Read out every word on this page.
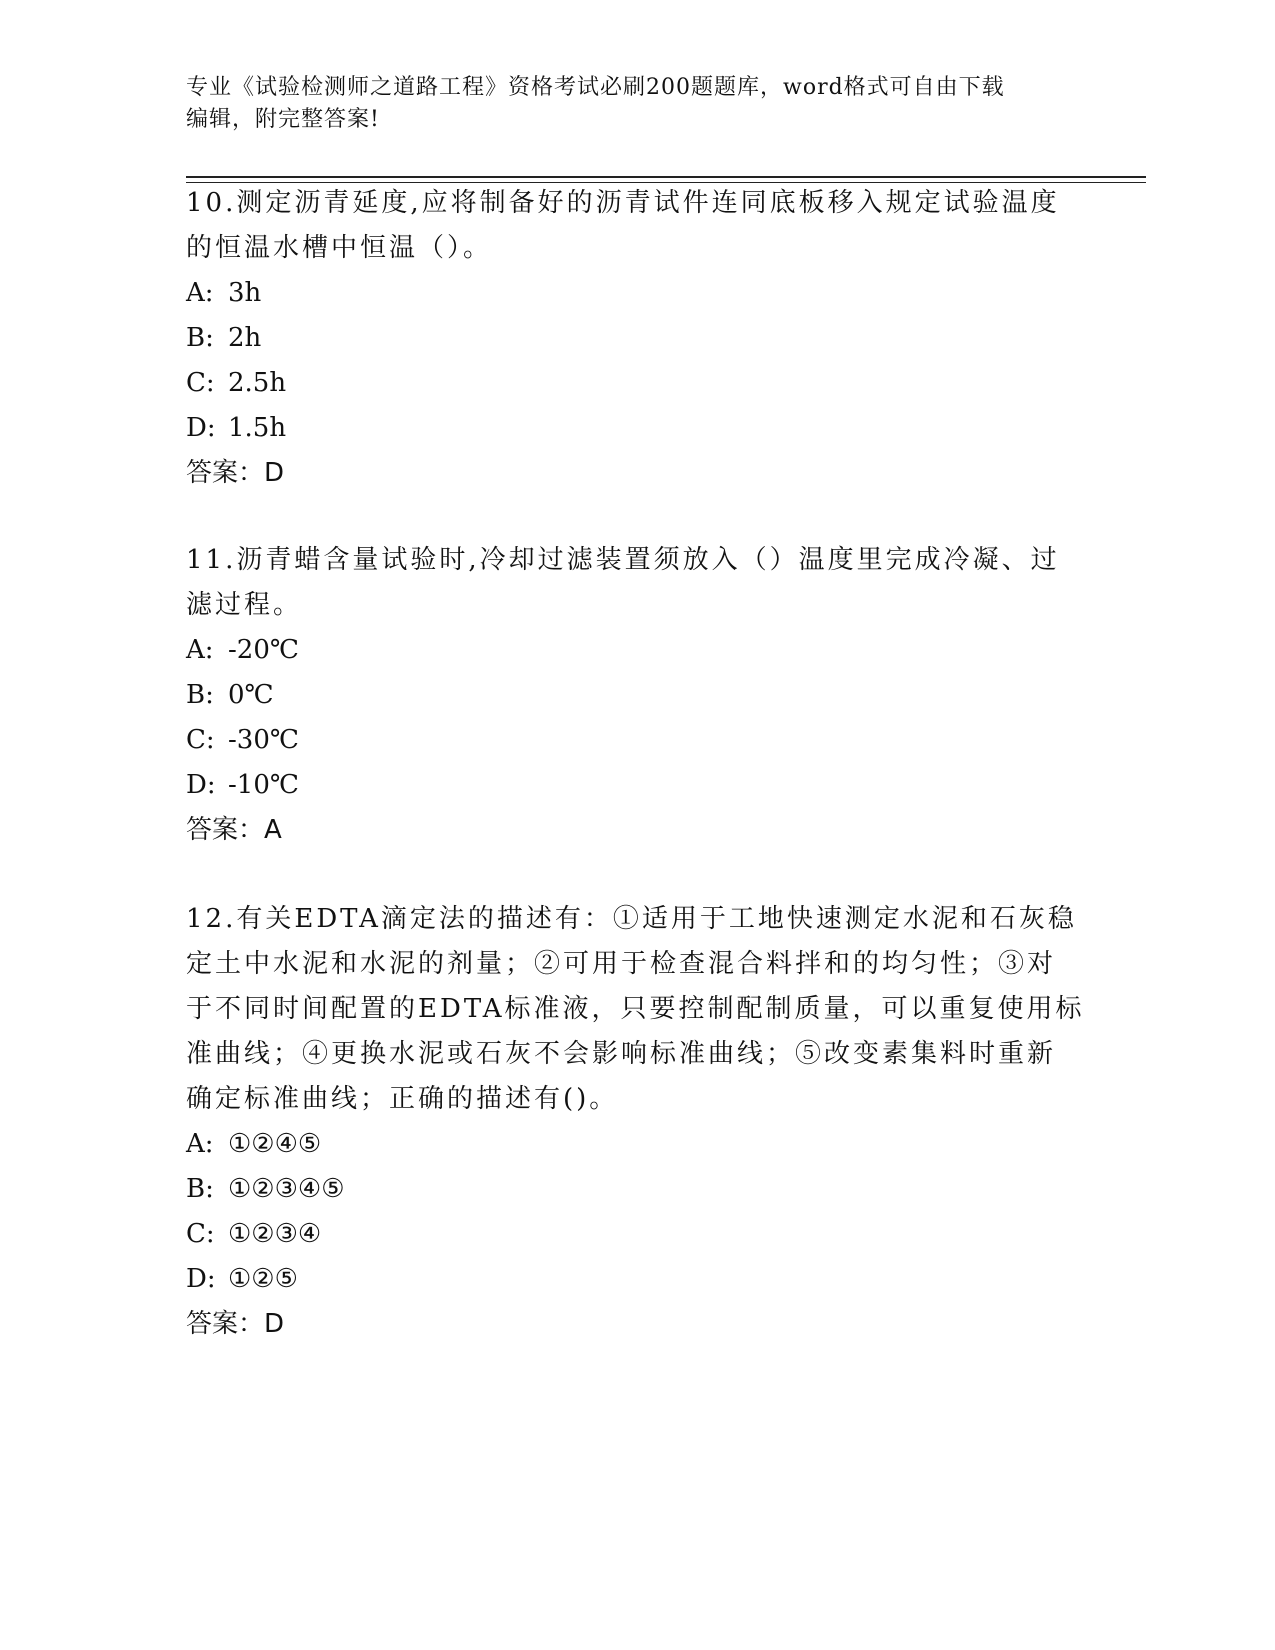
专业《试验检测师之道路工程》资格考试必刷200题题库，word格式可自由下载
编辑，附完整答案!
10.测定沥青延度,应将制备好的沥青试件连同底板移入规定试验温度
的恒温水槽中恒温（）。
A: 3h
B: 2h
C: 2.5h
D: 1.5h
答案：D
11.沥青蜡含量试验时,冷却过滤装置须放入（）温度里完成冷凝、过
滤过程。
A: -20℃
B: 0℃
C: -30℃
D: -10℃
答案：A
12.有关EDTA滴定法的描述有：①适用于工地快速测定水泥和石灰稳
定土中水泥和水泥的剂量；②可用于检查混合料拌和的均匀性；③对
于不同时间配置的EDTA标准液，只要控制配制质量，可以重复使用标
准曲线；④更换水泥或石灰不会影响标准曲线；⑤改变素集料时重新
确定标准曲线；正确的描述有()。
A: ①②④⑤
B: ①②③④⑤
C: ①②③④
D: ①②⑤
答案：D
